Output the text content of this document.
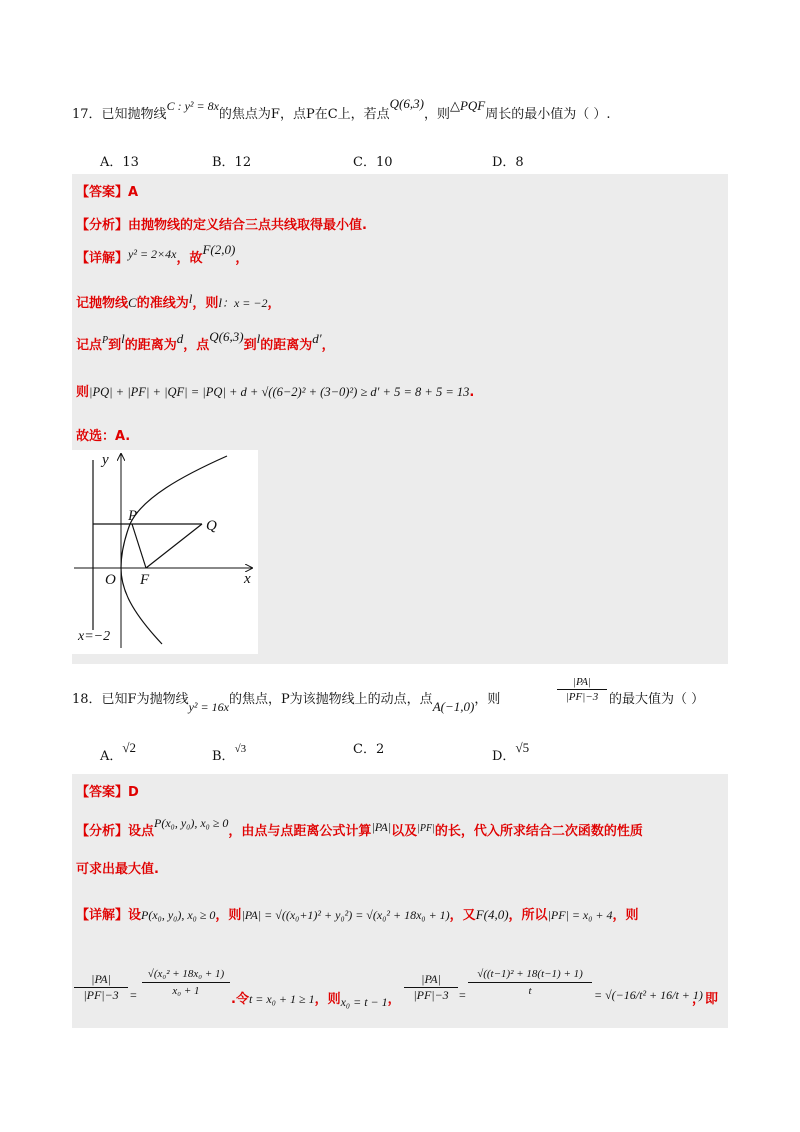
17．已知抛物线C : y² = 8x的焦点为F，点P在C上，若点Q(6,3)，则△PQF周长的最小值为（ ）.
A．13	B．12	C．10	D．8
【答案】A
【分析】由抛物线的定义结合三点共线取得最小值.
【详解】y² = 2×4x，故F(2,0)，
记抛物线C的准线为l，则l：x = −2，
记点$^P$到l的距离为d，点Q(6,3)到l的距离为d′，
则|PQ| + |PF| + |QF| = |PQ| + d + √((6−2)² + (3−0)²) ≥ d′ + 5 = 8 + 5 = 13.
故选：A.
y
x
O F
P
Q
x=−2
18．已知F为抛物线y² = 16x的焦点，P为该抛物线上的动点，点A(−1,0)，则
|PA|
|PF|−3 的最大值为（ ）
A．√2
B．√3	C．2	D．√5
【答案】D
【分析】设点P(x₀, y₀), x₀ ≥ 0，由点与点距离公式计算|PA|以及$^{|PF|}$的长，代入所求结合二次函数的性质
可求出最大值.
【详解】设P(x₀, y₀), x₀ ≥ 0，则|PA| = √((x₀+1)² + y₀²) = √(x₀² + 18x₀ + 1)，又F(4,0)，所以|PF| = x₀ + 4，则
|PA|
|PF|−3 =
√(x₀² + 18x₀ + 1)
x₀ + 1
.令t = x₀ + 1 ≥ 1，则x₀ = t − 1，
|PA|
|PF|−3 =
√((t−1)² + 18(t−1) + 1)
t	= √(−16/t² + 16/t + 1)
，即
